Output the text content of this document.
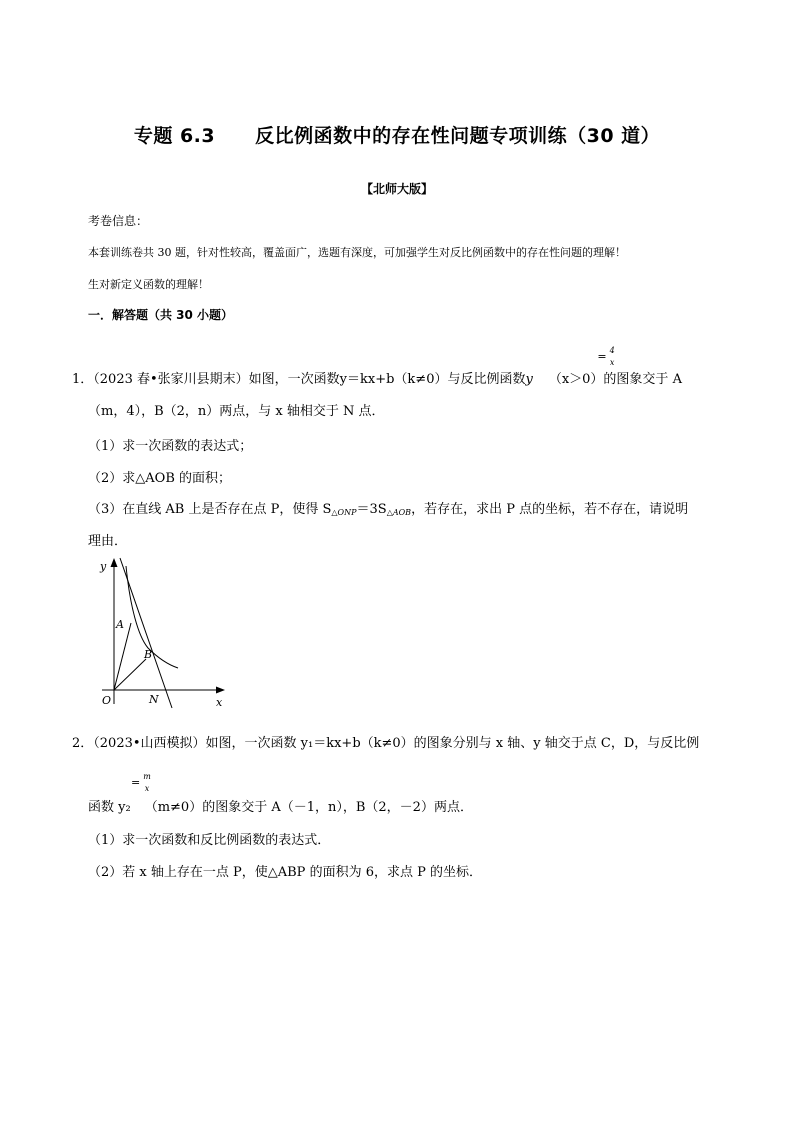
专题 6.3 反比例函数中的存在性问题专项训练（30 道）
【北师大版】
考卷信息：
本套训练卷共 30 题，针对性较高，覆盖面广，选题有深度，可加强学生对反比例函数中的存在性问题的理解！
生对新定义函数的理解！
一．解答题（共 30 小题）
= 4
x
1．（2023 春•张家川县期末）如图，一次函数y＝kx+b（k≠0）与反比例函数y （x＞0）的图象交于 A
（m，4），B（2，n）两点，与 x 轴相交于 N 点．
（1）求一次函数的表达式；
（2）求△AOB 的面积；
（3）在直线 AB 上是否存在点 P，使得 $S_{\triangle ONP}=3S_{\triangle AOB}$，若存在，求出 P 点的坐标，若不存在，请说明
理由．
y
x
O
A
B
N
2．（2023•山西模拟）如图，一次函数 y₁＝kx+b（k≠0）的图象分别与 x 轴、y 轴交于点 C，D，与反比例
= m
x
函数 y₂ （m≠0）的图象交于 A（－1，n），B（2，－2）两点．
（1）求一次函数和反比例函数的表达式．
（2）若 x 轴上存在一点 P，使△ABP 的面积为 6，求点 P 的坐标．
